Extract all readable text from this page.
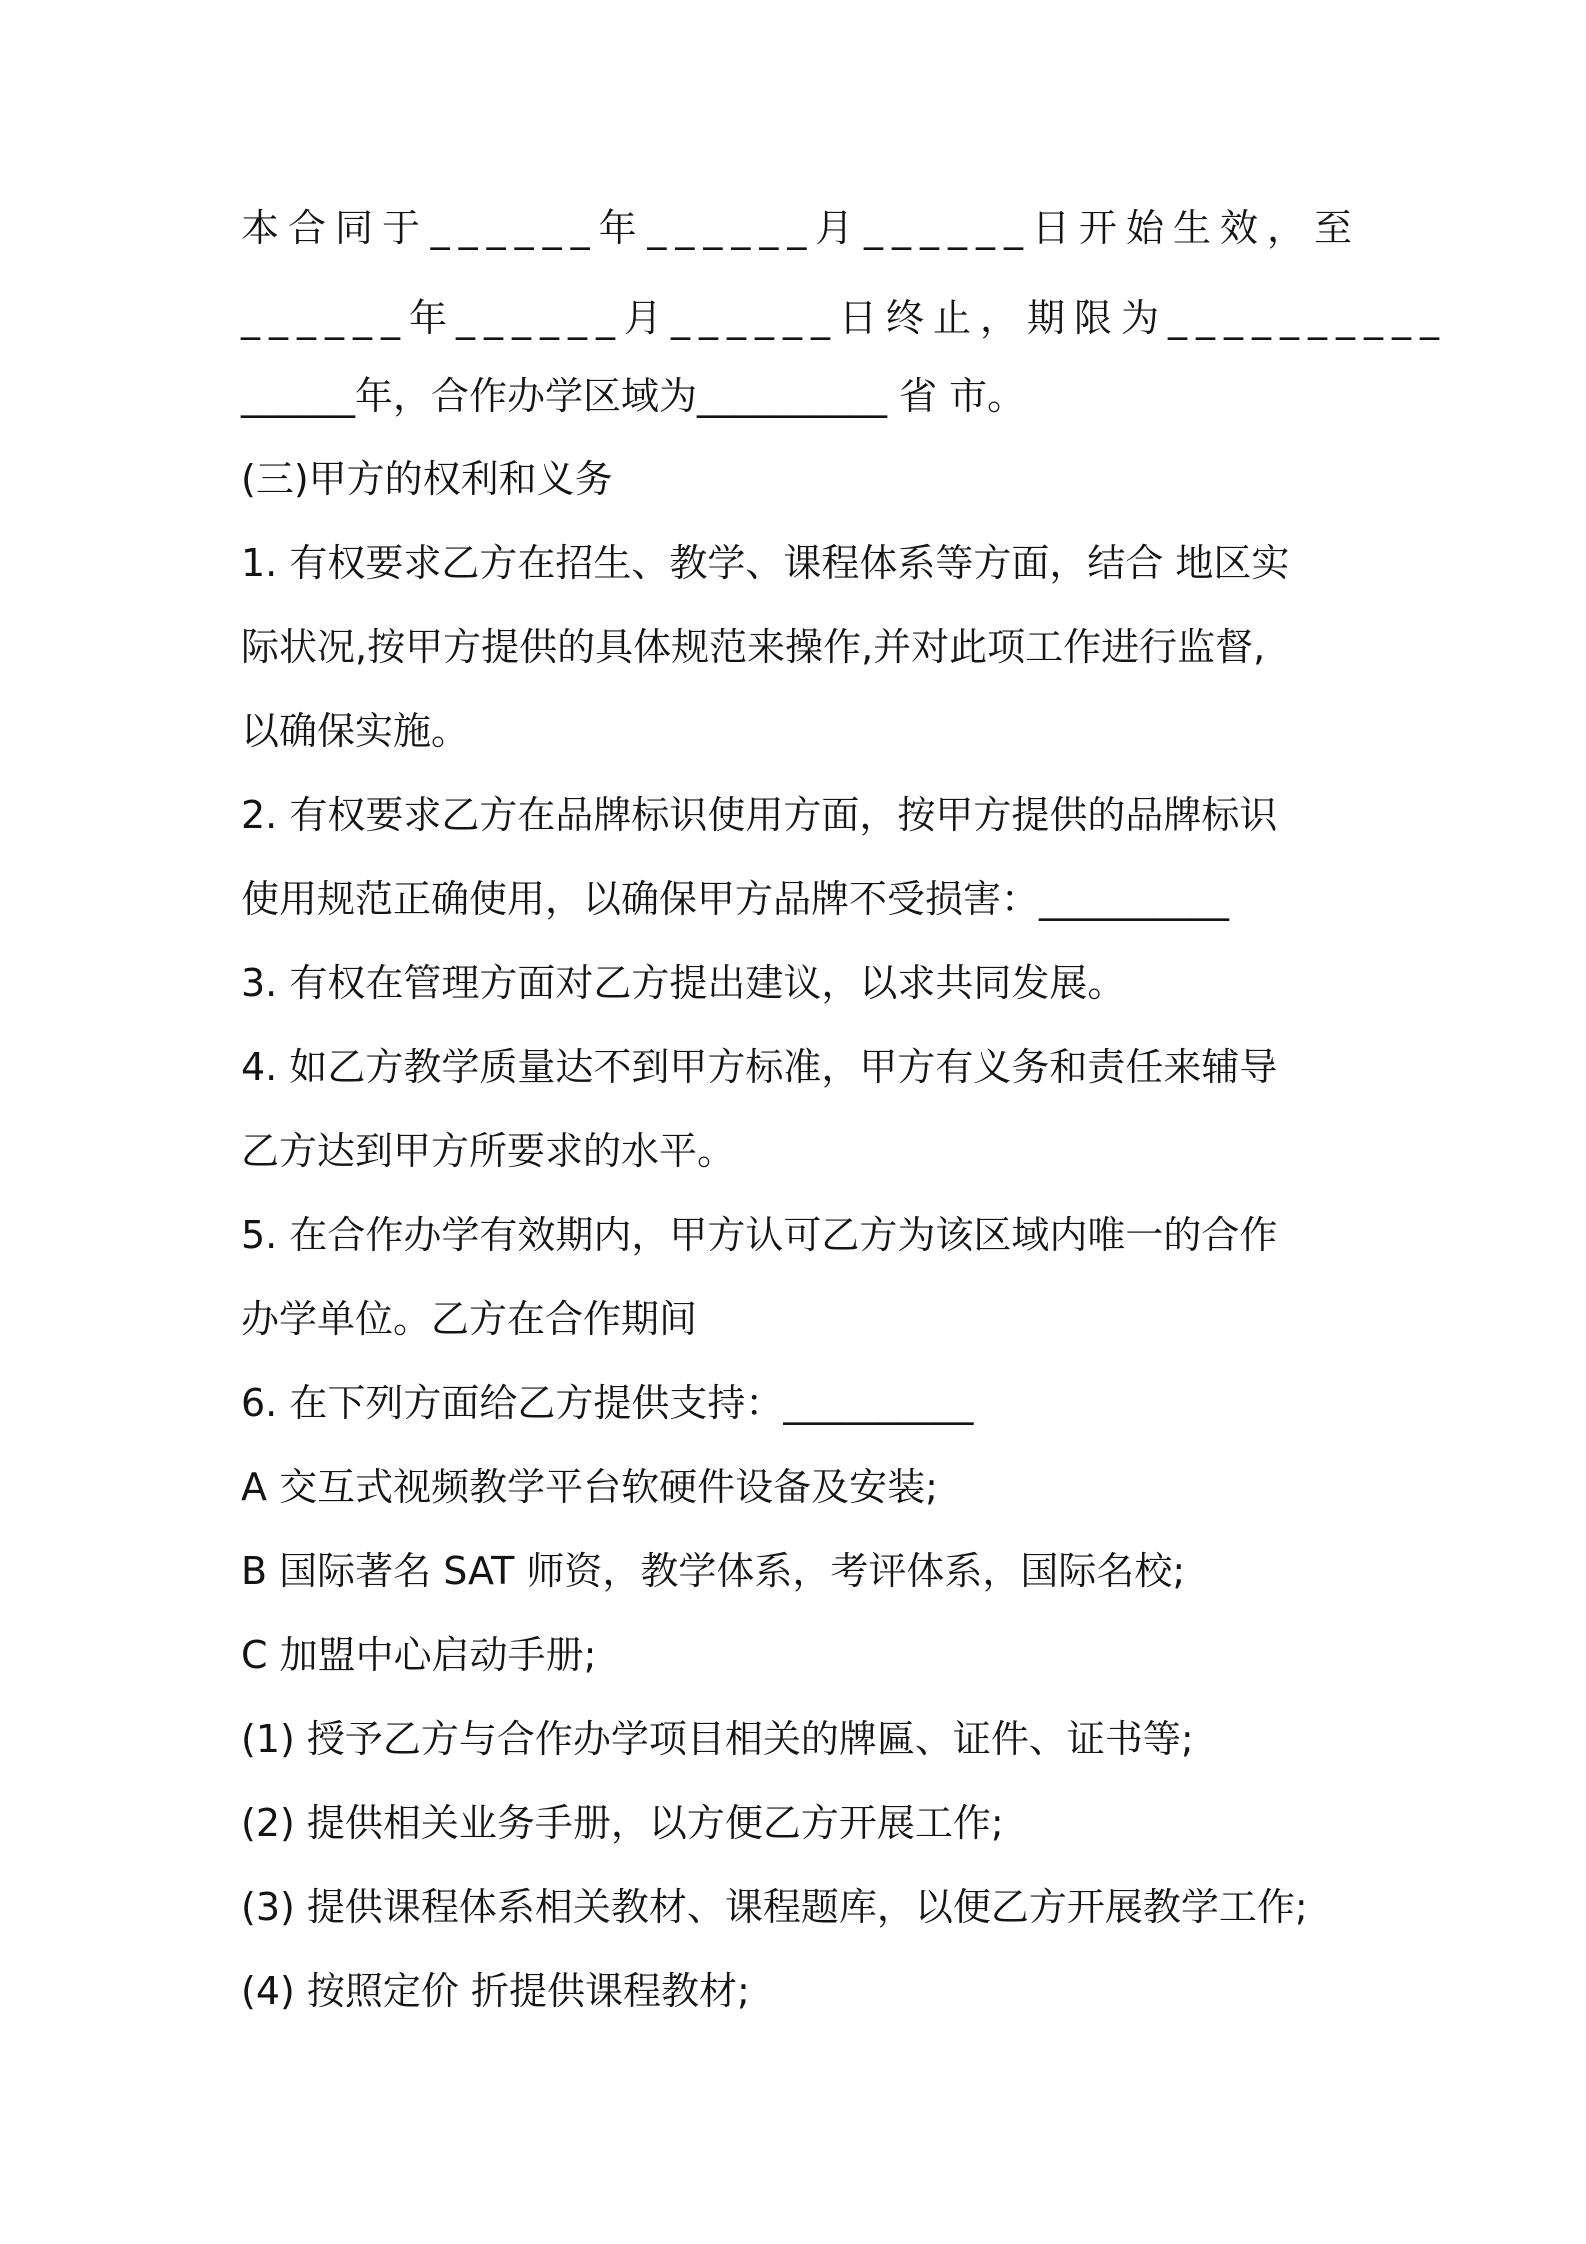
本合同于 ______年 ______月 ______日开始生效，至
______年 ______月 ______日终止，期限为__________
______年，合作办学区域为__________ 省 市。
(三)甲方的权利和义务
1. 有权要求乙方在招生、教学、课程体系等方面，结合 地区实
际状况,按甲方提供的具体规范来操作,并对此项工作进行监督,
以确保实施。
2. 有权要求乙方在品牌标识使用方面，按甲方提供的品牌标识
使用规范正确使用，以确保甲方品牌不受损害：__________
3. 有权在管理方面对乙方提出建议，以求共同发展。
4. 如乙方教学质量达不到甲方标准，甲方有义务和责任来辅导
乙方达到甲方所要求的水平。
5. 在合作办学有效期内，甲方认可乙方为该区域内唯一的合作
办学单位。乙方在合作期间
6. 在下列方面给乙方提供支持：__________
A 交互式视频教学平台软硬件设备及安装;
B 国际著名 SAT 师资，教学体系，考评体系，国际名校;
C 加盟中心启动手册;
(1) 授予乙方与合作办学项目相关的牌匾、证件、证书等;
(2) 提供相关业务手册，以方便乙方开展工作;
(3) 提供课程体系相关教材、课程题库，以便乙方开展教学工作;
(4) 按照定价 折提供课程教材;
